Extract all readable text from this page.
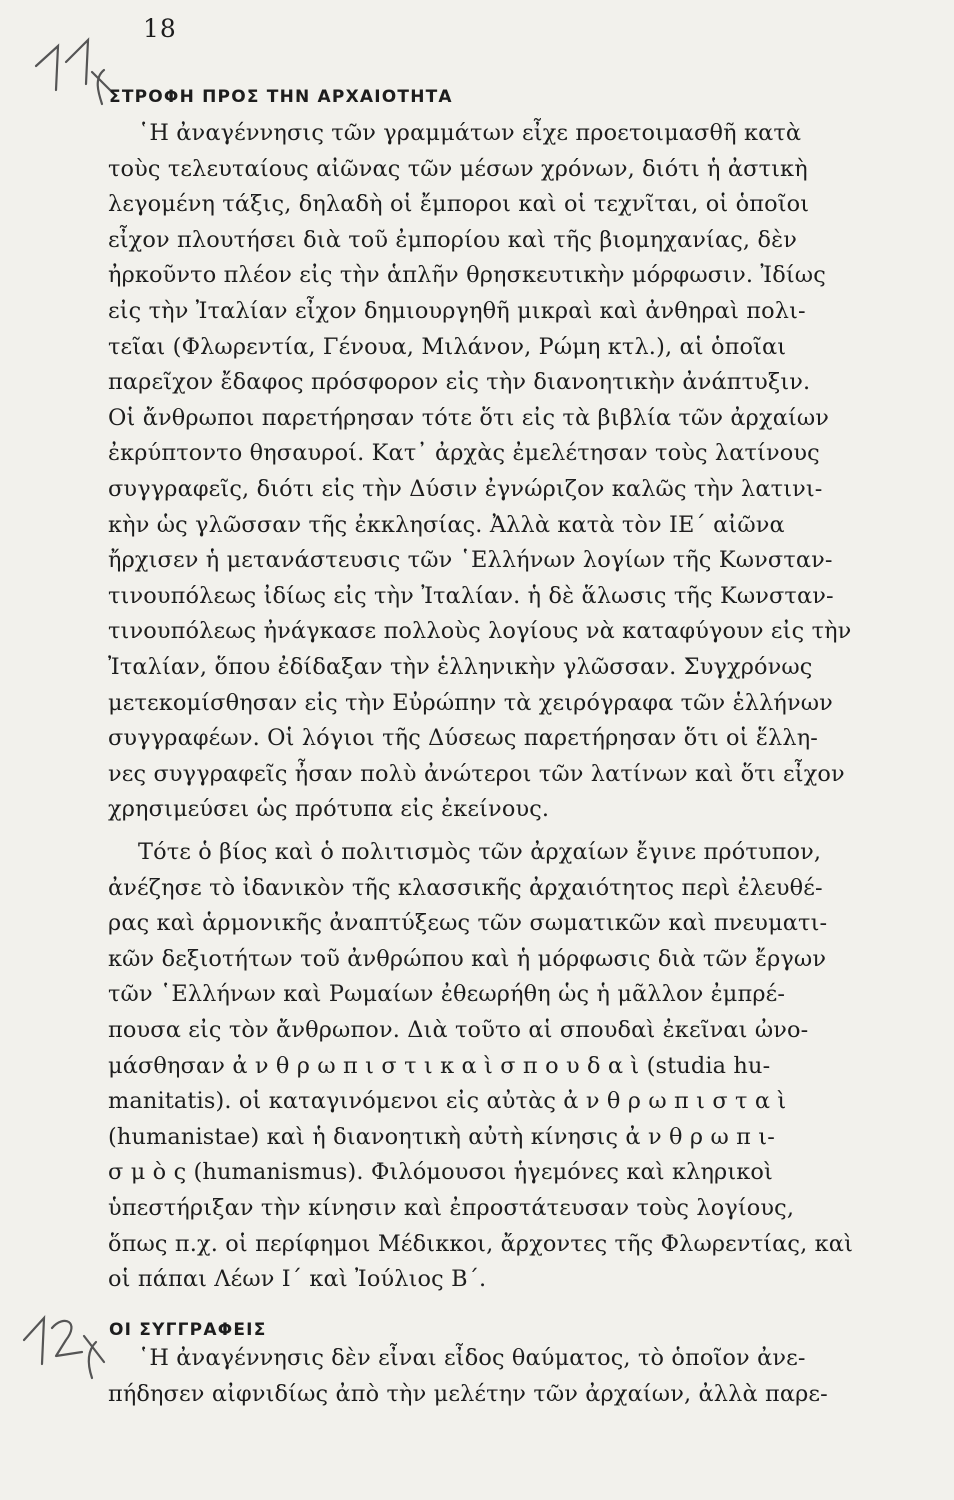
18
ΣΤΡΟΦΗ ΠΡΟΣ ΤΗΝ ΑΡΧΑΙΟΤΗΤΑ
῾Η ἀναγέννησις τῶν γραμμάτων εἶχε προετοιμασθῆ κατὰ
τοὺς τελευταίους αἰῶνας τῶν μέσων χρόνων, διότι ἡ ἀστικὴ
λεγομένη τάξις, δηλαδὴ οἱ ἔμποροι καὶ οἱ τεχνῖται, οἱ ὁποῖοι
εἶχον πλουτήσει διὰ τοῦ ἐμπορίου καὶ τῆς βιομηχανίας, δὲν
ἠρκοῦντο πλέον εἰς τὴν ἁπλῆν θρησκευτικὴν μόρφωσιν. Ἰδίως
εἰς τὴν Ἰταλίαν εἶχον δημιουργηθῆ μικραὶ καὶ ἀνθηραὶ πολι-
τεῖαι (Φλωρεντία, Γένουα, Μιλάνον, Ρώμη κτλ.), αἱ ὁποῖαι
παρεῖχον ἔδαφος πρόσφορον εἰς τὴν διανοητικὴν ἀνάπτυξιν.
Οἱ ἄνθρωποι παρετήρησαν τότε ὅτι εἰς τὰ βιβλία τῶν ἀρχαίων
ἐκρύπτοντο θησαυροί. Κατ᾿ ἀρχὰς ἐμελέτησαν τοὺς λατίνους
συγγραφεῖς, διότι εἰς τὴν Δύσιν ἐγνώριζον καλῶς τὴν λατινι-
κὴν ὡς γλῶσσαν τῆς ἐκκλησίας. Ἀλλὰ κατὰ τὸν ΙΕ΄ αἰῶνα
ἤρχισεν ἡ μετανάστευσις τῶν ῾Ελλήνων λογίων τῆς Κωνσταν-
τινουπόλεως ἰδίως εἰς τὴν Ἰταλίαν. ἡ δὲ ἅλωσις τῆς Κωνσταν-
τινουπόλεως ἠνάγκασε πολλοὺς λογίους νὰ καταφύγουν εἰς τὴν
Ἰταλίαν, ὅπου ἐδίδαξαν τὴν ἑλληνικὴν γλῶσσαν. Συγχρόνως
μετεκομίσθησαν εἰς τὴν Εὐρώπην τὰ χειρόγραφα τῶν ἑλλήνων
συγγραφέων. Οἱ λόγιοι τῆς Δύσεως παρετήρησαν ὅτι οἱ ἕλλη-
νες συγγραφεῖς ἦσαν πολὺ ἀνώτεροι τῶν λατίνων καὶ ὅτι εἶχον
χρησιμεύσει ὡς πρότυπα εἰς ἐκείνους.
Τότε ὁ βίος καὶ ὁ πολιτισμὸς τῶν ἀρχαίων ἔγινε πρότυπον,
ἀνέζησε τὸ ἰδανικὸν τῆς κλασσικῆς ἀρχαιότητος περὶ ἐλευθέ-
ρας καὶ ἁρμονικῆς ἀναπτύξεως τῶν σωματικῶν καὶ πνευματι-
κῶν δεξιοτήτων τοῦ ἀνθρώπου καὶ ἡ μόρφωσις διὰ τῶν ἔργων
τῶν ῾Ελλήνων καὶ Ρωμαίων ἐθεωρήθη ὡς ἡ μᾶλλον ἐμπρέ-
πουσα εἰς τὸν ἄνθρωπον. Διὰ τοῦτο αἱ σπουδαὶ ἐκεῖναι ὠνο-
μάσθησαν ἀ ν θ ρ ω π ι σ τ ι κ α ὶ σ π ο υ δ α ὶ (studia hu-
manitatis). οἱ καταγινόμενοι εἰς αὐτὰς ἀ ν θ ρ ω π ι σ τ α ὶ
(humanistae) καὶ ἡ διανοητικὴ αὐτὴ κίνησις ἀ ν θ ρ ω π ι-
σ μ ὸ ς (humanismus). Φιλόμουσοι ἡγεμόνες καὶ κληρικοὶ
ὑπεστήριξαν τὴν κίνησιν καὶ ἐπροστάτευσαν τοὺς λογίους,
ὅπως π.χ. οἱ περίφημοι Μέδικκοι, ἄρχοντες τῆς Φλωρεντίας, καὶ
οἱ πάπαι Λέων Ι΄ καὶ Ἰούλιος Β΄.
ΟΙ ΣΥΓΓΡΑΦΕΙΣ
῾Η ἀναγέννησις δὲν εἶναι εἶδος θαύματος, τὸ ὁποῖον ἀνε-
πήδησεν αἰφνιδίως ἀπὸ τὴν μελέτην τῶν ἀρχαίων, ἀλλὰ παρε-
